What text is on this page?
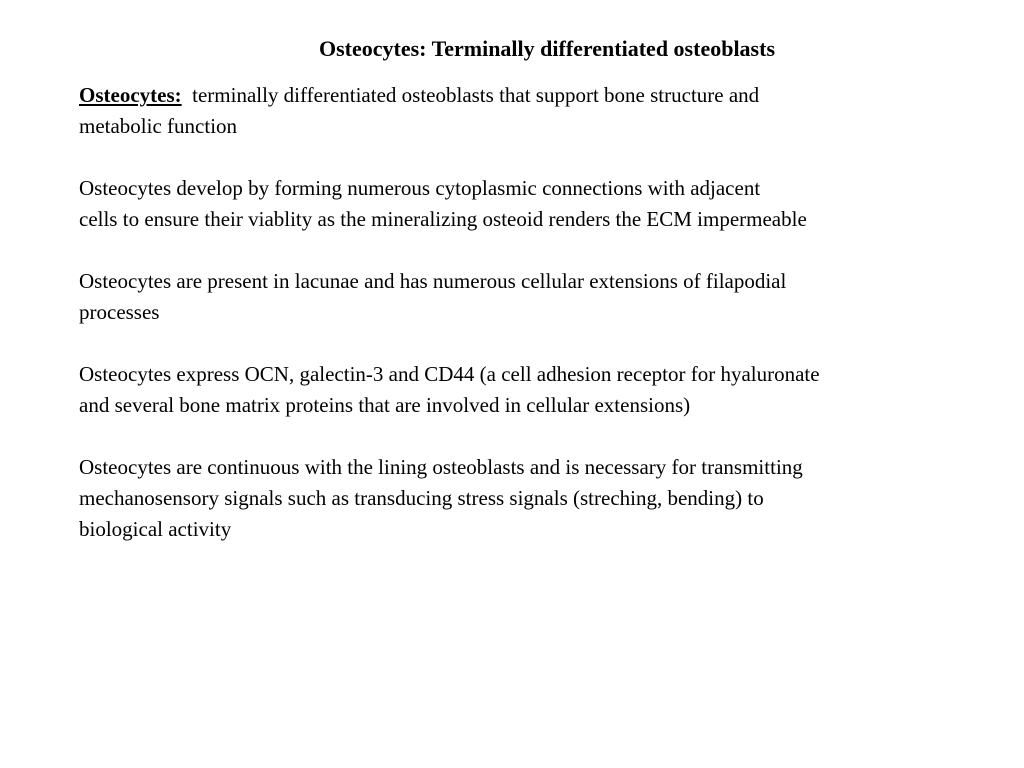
Osteocytes: Terminally differentiated osteoblasts

Osteocytes: terminally differentiated osteoblasts that support bone structure and
metabolic function

Osteocytes develop by forming numerous cytoplasmic connections with adjacent
cells to ensure their viablity as the mineralizing osteoid renders the ECM impermeable

Osteocytes are present in lacunae and has numerous cellular extensions of filapodial
processes

Osteocytes express OCN, galectin-3 and CD44 (a cell adhesion receptor for hyaluronate
and several bone matrix proteins that are involved in cellular extensions)

Osteocytes are continuous with the lining osteoblasts and is necessary for transmitting
mechanosensory signals such as transducing stress signals (streching, bending) to
biological activity
